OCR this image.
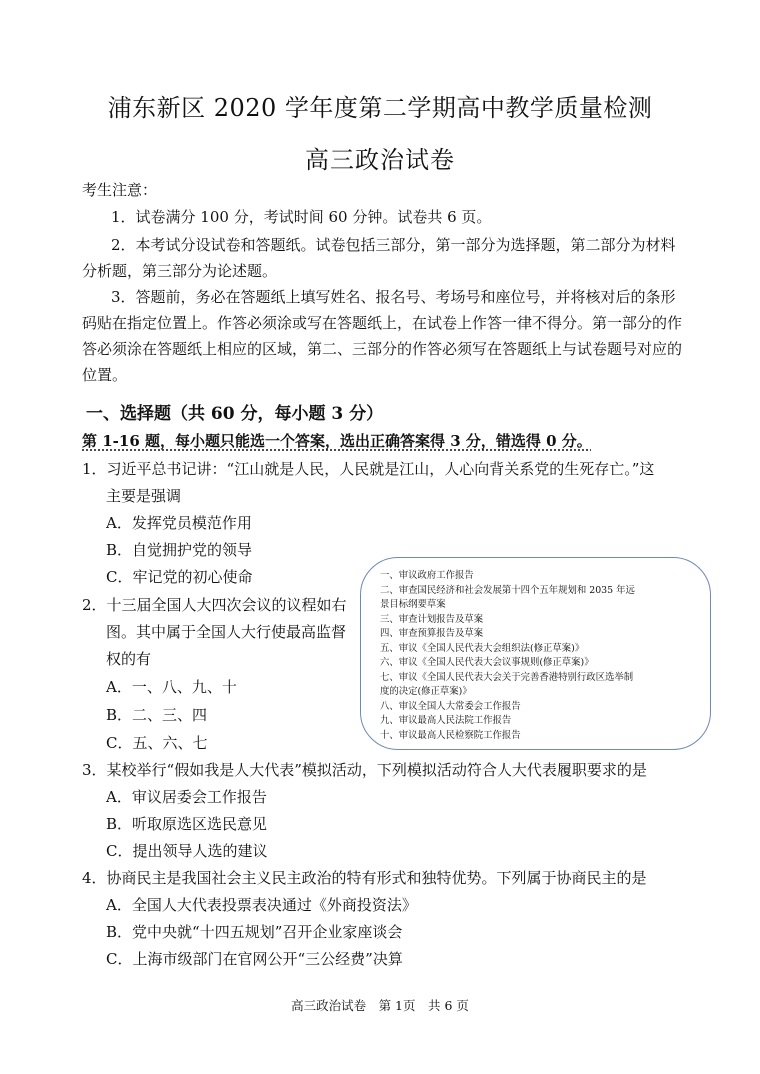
浦东新区 2020 学年度第二学期高中教学质量检测
高三政治试卷
考生注意：
1．试卷满分 100 分，考试时间 60 分钟。试卷共 6 页。
2．本考试分设试卷和答题纸。试卷包括三部分，第一部分为选择题，第二部分为材料
分析题，第三部分为论述题。
3．答题前，务必在答题纸上填写姓名、报名号、考场号和座位号，并将核对后的条形
码贴在指定位置上。作答必须涂或写在答题纸上，在试卷上作答一律不得分。第一部分的作
答必须涂在答题纸上相应的区域，第二、三部分的作答必须写在答题纸上与试卷题号对应的
位置。
一、选择题（共 60 分，每小题 3 分）
第 1-16 题，每小题只能选一个答案，选出正确答案得 3 分，错选得 0 分。
1．习近平总书记讲：“江山就是人民，人民就是江山，人心向背关系党的生死存亡。”这
主要是强调
A．发挥党员模范作用
B．自觉拥护党的领导
C．牢记党的初心使命
2．十三届全国人大四次会议的议程如右
图。其中属于全国人大行使最高监督
权的有
A．一、八、九、十
B．二、三、四
C．五、六、七
一、审议政府工作报告
二、审查国民经济和社会发展第十四个五年规划和 2035 年远
景目标纲要草案
三、审查计划报告及草案
四、审查预算报告及草案
五、审议《全国人民代表大会组织法(修正草案)》
六、审议《全国人民代表大会议事规则(修正草案)》
七、审议《全国人民代表大会关于完善香港特别行政区选举制
度的决定(修正草案)》
八、审议全国人大常委会工作报告
九、审议最高人民法院工作报告
十、审议最高人民检察院工作报告
3．某校举行“假如我是人大代表”模拟活动，下列模拟活动符合人大代表履职要求的是
A．审议居委会工作报告
B．听取原选区选民意见
C．提出领导人选的建议
4．协商民主是我国社会主义民主政治的特有形式和独特优势。下列属于协商民主的是
A．全国人大代表投票表决通过《外商投资法》
B．党中央就“十四五规划”召开企业家座谈会
C．上海市级部门在官网公开“三公经费”决算
高三政治试卷　第 1页　共 6 页
